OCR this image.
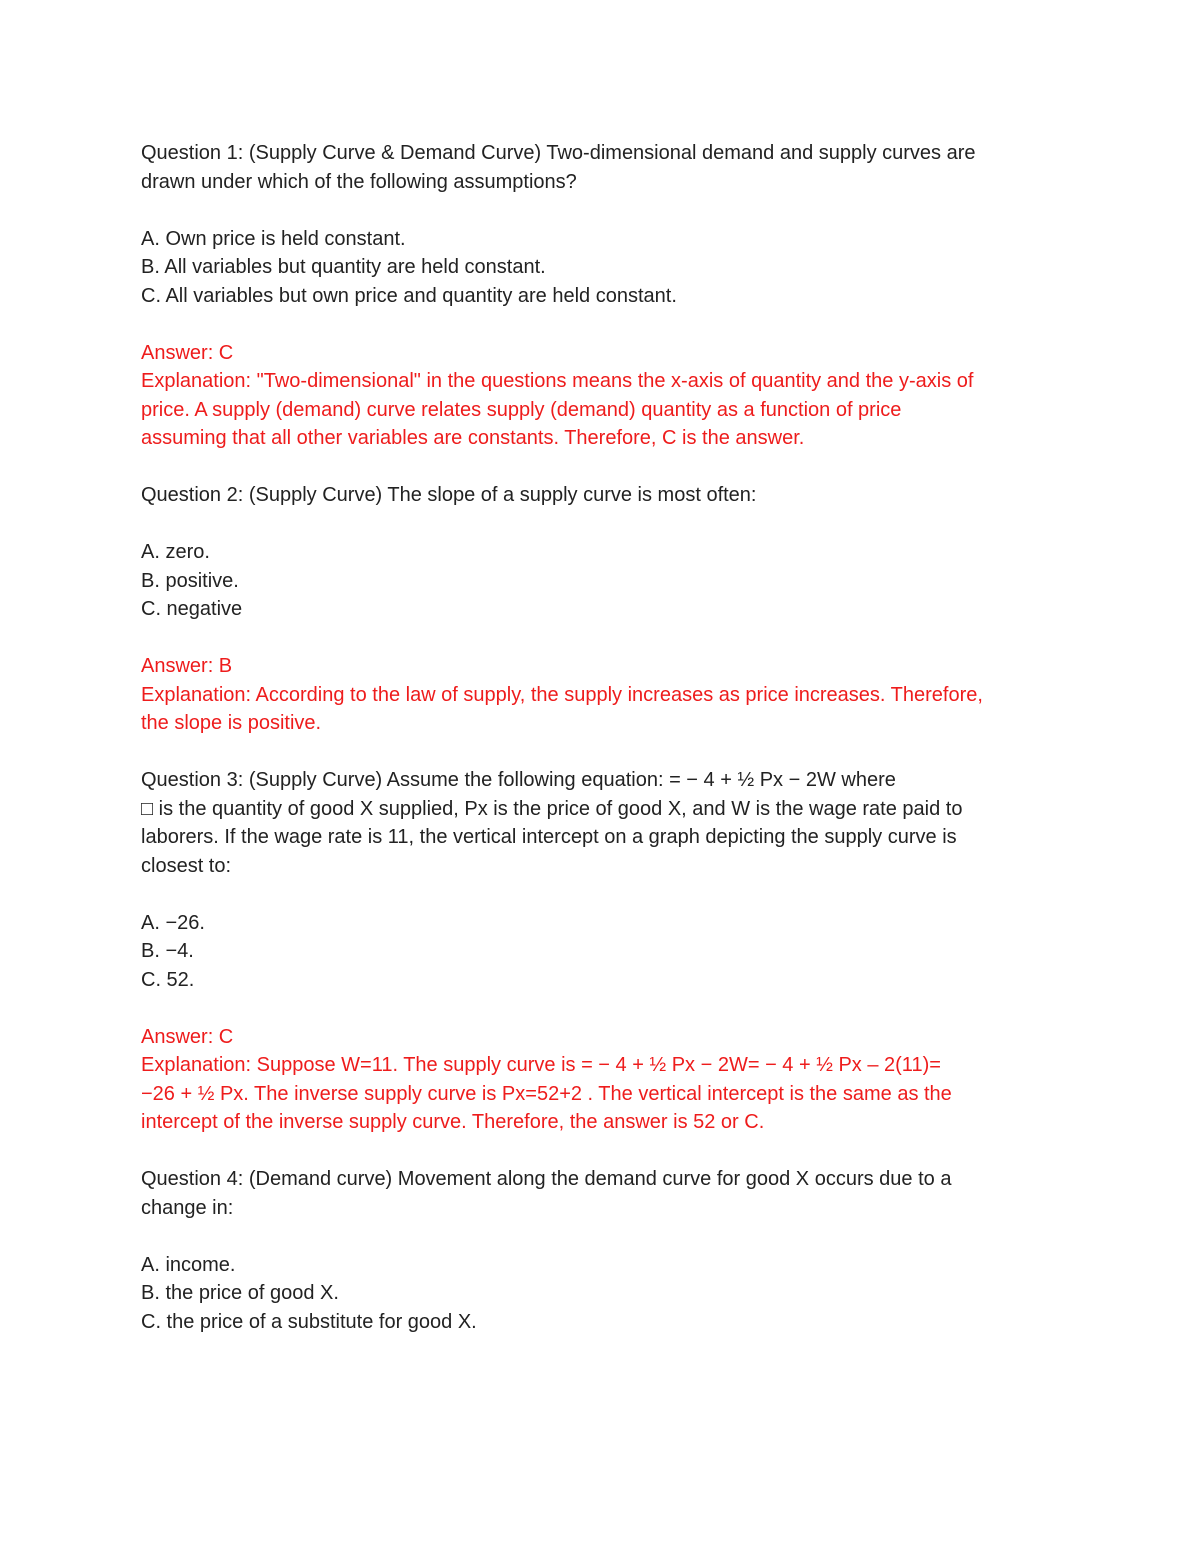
Question 1: (Supply Curve & Demand Curve) Two-dimensional demand and supply curves are
drawn under which of the following assumptions?
A. Own price is held constant.
B. All variables but quantity are held constant.
C. All variables but own price and quantity are held constant.
Answer: C
Explanation: "Two-dimensional" in the questions means the x-axis of quantity and the y-axis of
price. A supply (demand) curve relates supply (demand) quantity as a function of price
assuming that all other variables are constants. Therefore, C is the answer.
Question 2: (Supply Curve) The slope of a supply curve is most often:
A. zero.
B. positive.
C. negative
Answer: B
Explanation: According to the law of supply, the supply increases as price increases. Therefore,
the slope is positive.
Question 3: (Supply Curve) Assume the following equation: = − 4 + ½ Px − 2W where
□ is the quantity of good X supplied, Px is the price of good X, and W is the wage rate paid to
laborers. If the wage rate is 11, the vertical intercept on a graph depicting the supply curve is
closest to:
A. −26.
B. −4.
C. 52.
Answer: C
Explanation: Suppose W=11. The supply curve is = − 4 + ½ Px − 2W= − 4 + ½ Px – 2(11)=
−26 + ½ Px. The inverse supply curve is Px=52+2 . The vertical intercept is the same as the
intercept of the inverse supply curve. Therefore, the answer is 52 or C.
Question 4: (Demand curve) Movement along the demand curve for good X occurs due to a
change in:
A. income.
B. the price of good X.
C. the price of a substitute for good X.
